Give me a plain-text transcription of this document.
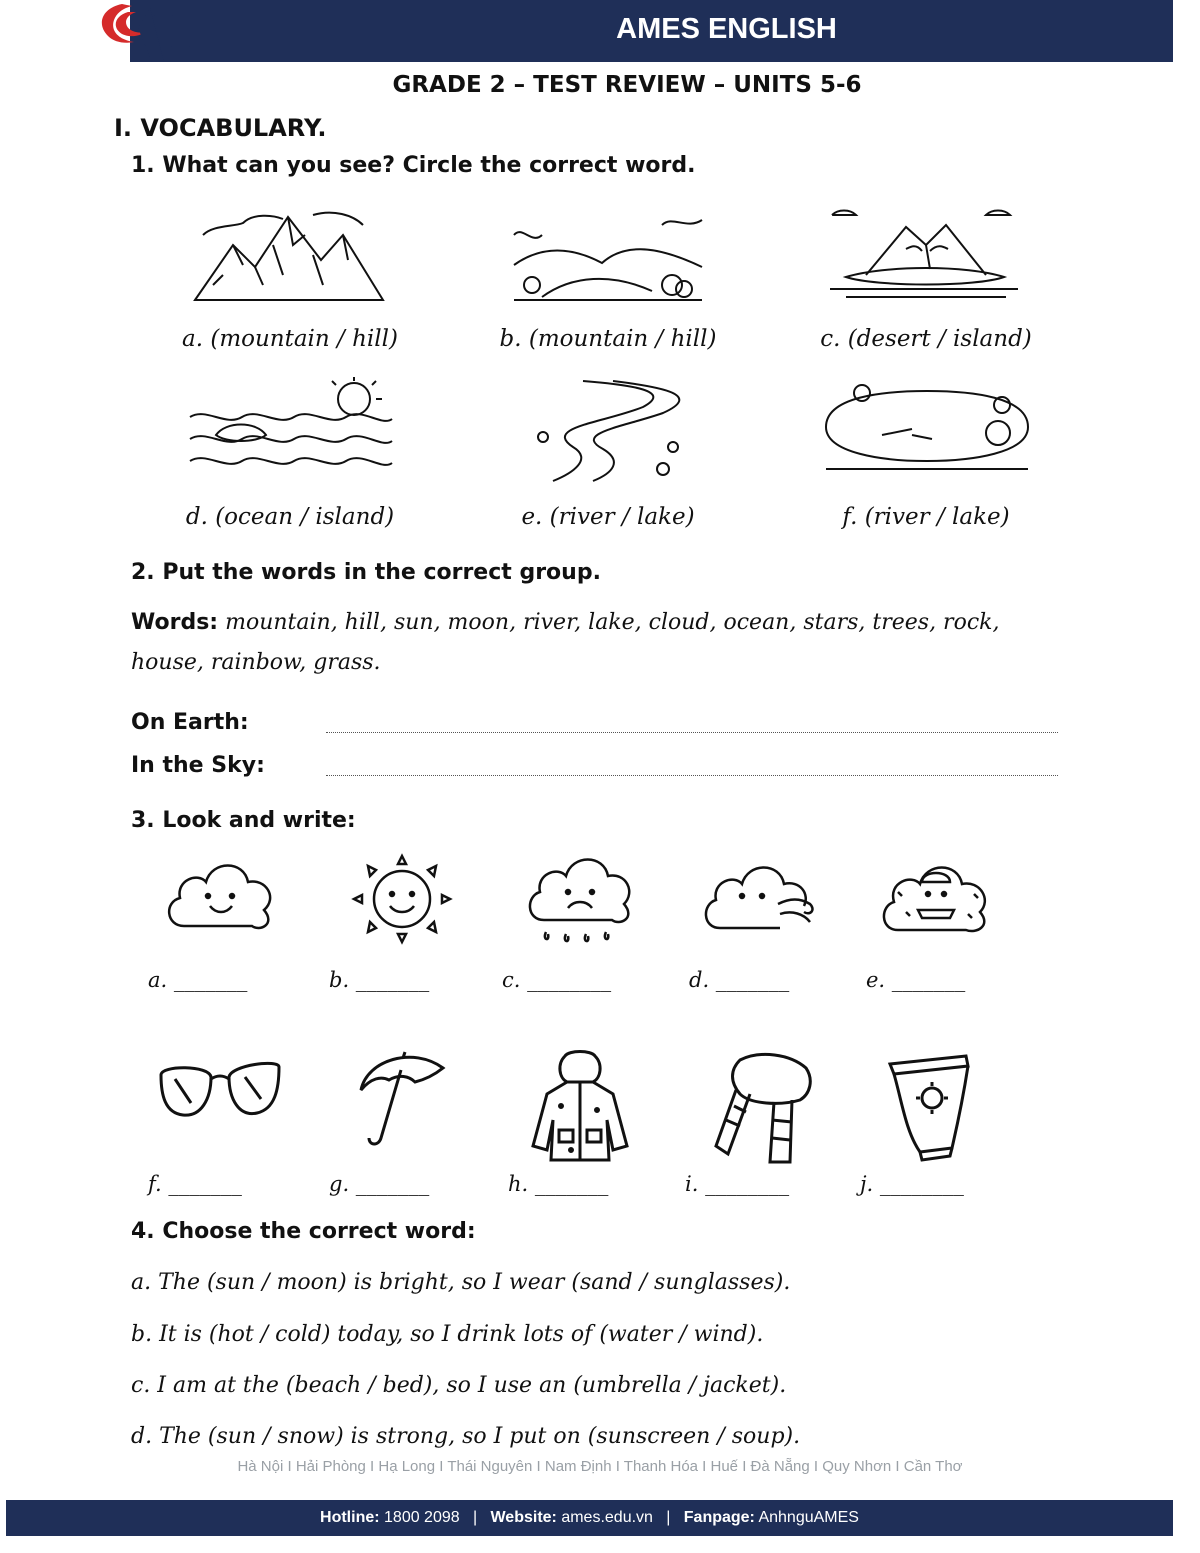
AMES ENGLISH
GRADE 2 – TEST REVIEW – UNITS 5-6
I. VOCABULARY.
1. What can you see? Circle the correct word.
a. (mountain / hill)	b. (mountain / hill)	c. (desert / island)
d. (ocean / island)	e. (river / lake)	f. (river / lake)
2. Put the words in the correct group.
Words: mountain, hill, sun, moon, river, lake, cloud, ocean, stars, trees, rock,
house, rainbow, grass.
On Earth:
In the Sky:
3. Look and write:
a. _______	b. _______	c. ________	d. _______	e. _______
f. _______	g. _______	h. _______	i. ________	j. ________
4. Choose the correct word:
a. The (sun / moon) is bright, so I wear (sand / sunglasses).
b. It is (hot / cold) today, so I drink lots of (water / wind).
c. I am at the (beach / bed), so I use an (umbrella / jacket).
d. The (sun / snow) is strong, so I put on (sunscreen / soup).
Hà Nội I Hải Phòng I Hạ Long I Thái Nguyên I Nam Định I Thanh Hóa I Huế I Đà Nẵng I Quy Nhơn I Cần Thơ
Hotline: 1800 2098   |   Website: ames.edu.vn   |   Fanpage: AnhnguAMES
